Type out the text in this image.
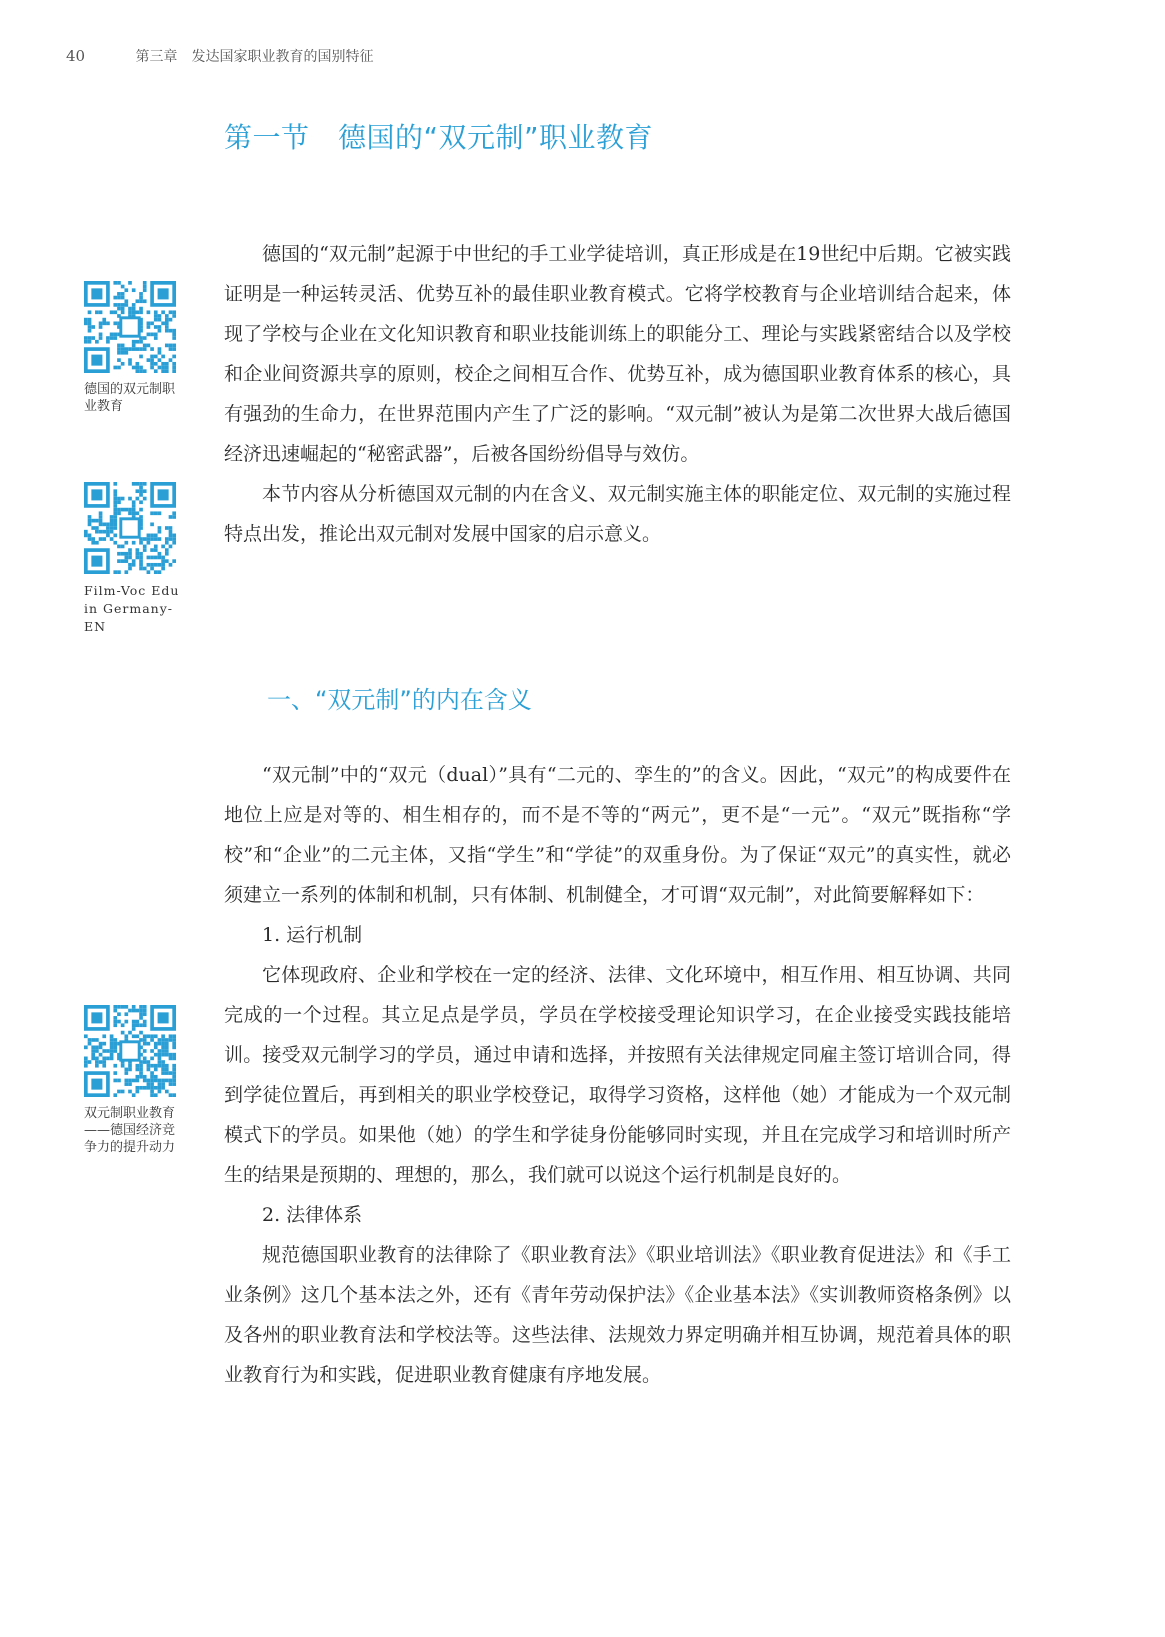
40	第三章　发达国家职业教育的国别特征
第一节　德国的“双元制”职业教育

德国的“双元制”起源于中世纪的手工业学徒培训，真正形成是在19世纪中后期。它被实践证明是一种运转灵活、优势互补的最佳职业教育模式。它将学校教育与企业培训结合起来，体现了学校与企业在文化知识教育和职业技能训练上的职能分工、理论与实践紧密结合以及学校和企业间资源共享的原则，校企之间相互合作、优势互补，成为德国职业教育体系的核心，具有强劲的生命力，在世界范围内产生了广泛的影响。“双元制”被认为是第二次世界大战后德国经济迅速崛起的“秘密武器”，后被各国纷纷倡导与效仿。

本节内容从分析德国双元制的内在含义、双元制实施主体的职能定位、双元制的实施过程特点出发，推论出双元制对发展中国家的启示意义。

一、“双元制”的内在含义

“双元制”中的“双元（dual）”具有“二元的、孪生的”的含义。因此，“双元”的构成要件在地位上应是对等的、相生相存的，而不是不等的“两元”，更不是“一元”。“双元”既指称“学校”和“企业”的二元主体，又指“学生”和“学徒”的双重身份。为了保证“双元”的真实性，就必须建立一系列的体制和机制，只有体制、机制健全，才可谓“双元制”，对此简要解释如下：

1. 运行机制

它体现政府、企业和学校在一定的经济、法律、文化环境中，相互作用、相互协调、共同完成的一个过程。其立足点是学员，学员在学校接受理论知识学习，在企业接受实践技能培训。接受双元制学习的学员，通过申请和选择，并按照有关法律规定同雇主签订培训合同，得到学徒位置后，再到相关的职业学校登记，取得学习资格，这样他（她）才能成为一个双元制模式下的学员。如果他（她）的学生和学徒身份能够同时实现，并且在完成学习和培训时所产生的结果是预期的、理想的，那么，我们就可以说这个运行机制是良好的。

2. 法律体系

规范德国职业教育的法律除了《职业教育法》《职业培训法》《职业教育促进法》和《手工业条例》这几个基本法之外，还有《青年劳动保护法》《企业基本法》《实训教师资格条例》以及各州的职业教育法和学校法等。这些法律、法规效力界定明确并相互协调，规范着具体的职业教育行为和实践，促进职业教育健康有序地发展。

德国的双元制职业教育
Film-Voc Edu in Germany-EN
双元制职业教育——德国经济竞争力的提升动力
